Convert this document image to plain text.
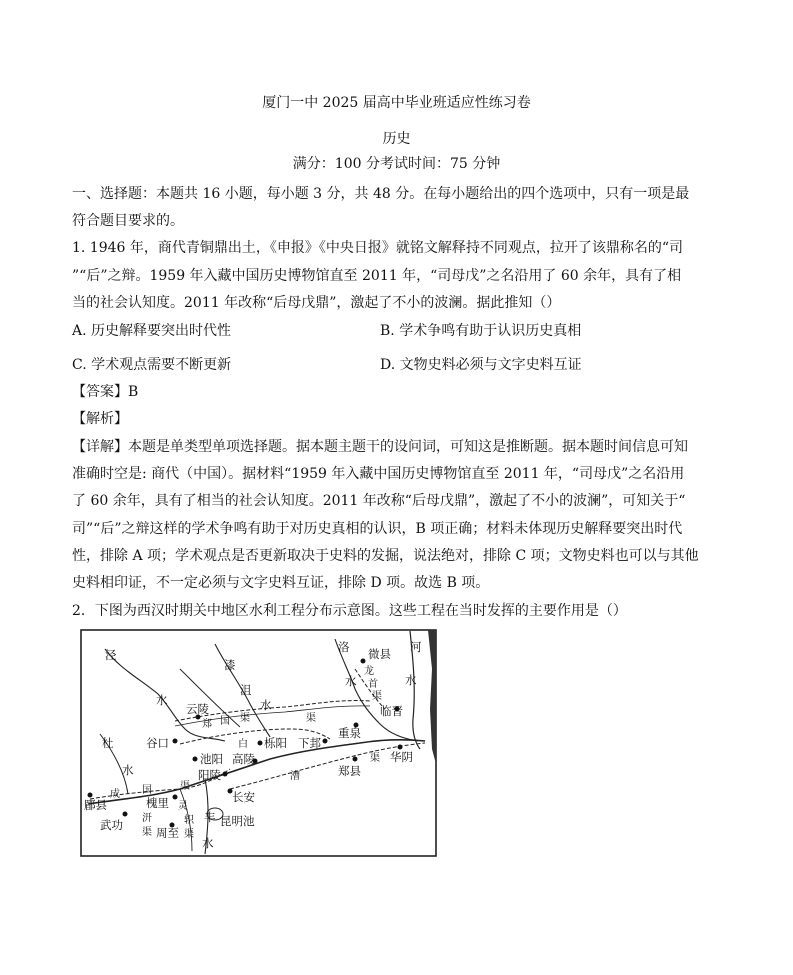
厦门一中 2025 届高中毕业班适应性练习卷
历史
满分：100 分考试时间：75 分钟
一、选择题：本题共 16 小题，每小题 3 分，共 48 分。在每小题给出的四个选项中，只有一项是最
符合题目要求的。
1. 1946 年，商代青铜鼎出土，《申报》《中央日报》就铭文解释持不同观点，拉开了该鼎称名的“司
”“后”之辩。1959 年入藏中国历史博物馆直至 2011 年，“司母戊”之名沿用了 60 余年，具有了相
当的社会认知度。2011 年改称“后母戊鼎”，激起了不小的波澜。据此推知（）
A. 历史解释要突出时代性	B. 学术争鸣有助于认识历史真相
C. 学术观点需要不断更新	D. 文物史料必须与文字史料互证
【答案】B
【解析】
【详解】本题是单类型单项选择题。据本题主题干的设问词，可知这是推断题。据本题时间信息可知
准确时空是: 商代（中国）。据材料“1959 年入藏中国历史博物馆直至 2011 年，“司母戊”之名沿用
了 60 余年，具有了相当的社会认知度。2011 年改称“后母戊鼎”，激起了不小的波澜”，可知关于“
司”“后”之辩这样的学术争鸣有助于对历史真相的认识，B 项正确；材料未体现历史解释要突出时代
性，排除 A 项；学术观点是否更新取决于史料的发掘，说法绝对，排除 C 项；文物史料也可以与其他
史料相印证，不一定必须与文字史料互证，排除 D 项。故选 B 项。
2．下图为西汉时期关中地区水利工程分布示意图。这些工程在当时发挥的主要作用是（）
泾
水
漆
沮
水
洛
水
河
水
微县
龙
首
渠
临晋
云陵
郑 国 渠	渠
重泉
白
谷口	栎阳 下邽
杜
水
池阳 高陵
阳陵	漕	郑县
渠 华阴
郿县
成 国	渠
槐里	长安
武功 汧
渠 周至
灵
轵
渠
丰
水
昆明池
